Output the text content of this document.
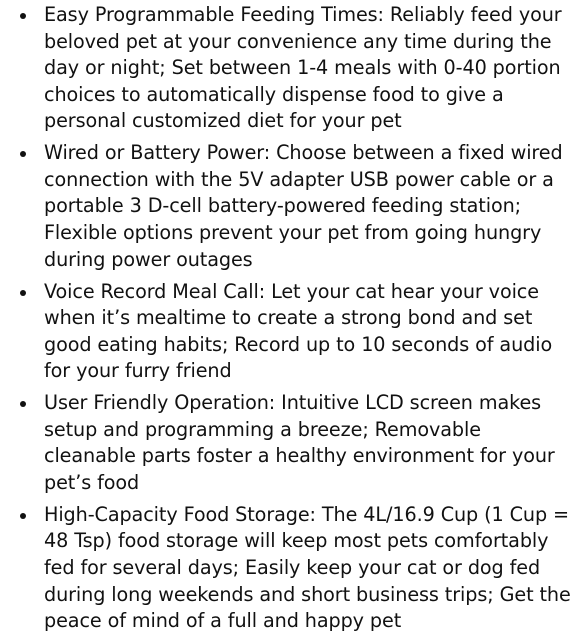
Easy Programmable Feeding Times: Reliably feed your beloved pet at your convenience any time during the day or night; Set between 1-4 meals with 0-40 portion choices to automatically dispense food to give a personal customized diet for your pet
Wired or Battery Power: Choose between a fixed wired connection with the 5V adapter USB power cable or a portable 3 D-cell battery-powered feeding station; Flexible options prevent your pet from going hungry during power outages
Voice Record Meal Call: Let your cat hear your voice when it’s mealtime to create a strong bond and set good eating habits; Record up to 10 seconds of audio for your furry friend
User Friendly Operation: Intuitive LCD screen makes setup and programming a breeze; Removable cleanable parts foster a healthy environment for your pet’s food
High-Capacity Food Storage: The 4L/16.9 Cup (1 Cup = 48 Tsp) food storage will keep most pets comfortably fed for several days; Easily keep your cat or dog fed during long weekends and short business trips; Get the peace of mind of a full and happy pet
